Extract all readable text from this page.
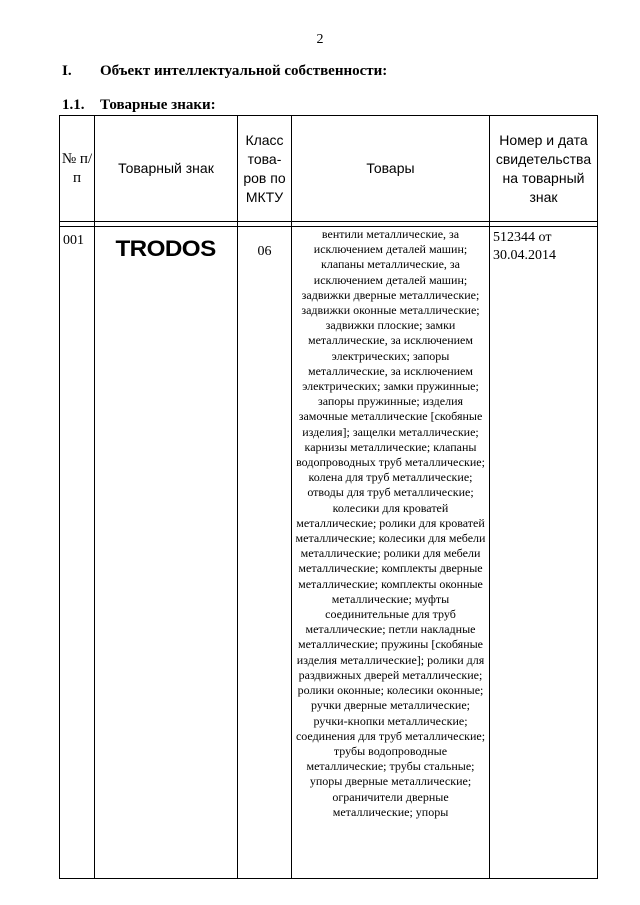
2
I. Объект интеллектуальной собственности:
1.1. Товарные знаки:
№ п/п	Товарный знак	Класс това-ров по МКТУ	Товары	Номер и дата свидетельства на товарный знак

001	TRODOS	06	вентили металлические, за исключением деталей машин; клапаны металлические, за исключением деталей машин; задвижки дверные металлические; задвижки оконные металлические; задвижки плоские; замки металлические, за исключением электрических; запоры металлические, за исключением электрических; замки пружинные; запоры пружинные; изделия замочные металлические [скобяные изделия]; защелки металлические; карнизы металлические; клапаны водопроводных труб металлические; колена для труб металлические; отводы для труб металлические; колесики для кроватей металлические; ролики для кроватей металлические; колесики для мебели металлические; ролики для мебели металлические; комплекты дверные металлические; комплекты оконные металлические; муфты соединительные для труб металлические; петли накладные металлические; пружины [скобяные изделия металлические]; ролики для раздвижных дверей металлические; ролики оконные; колесики оконные; ручки дверные металлические; ручки-кнопки металлические; соединения для труб металлические; трубы водопроводные металлические; трубы стальные; упоры дверные металлические; ограничители дверные металлические; упоры	512344 от 30.04.2014
